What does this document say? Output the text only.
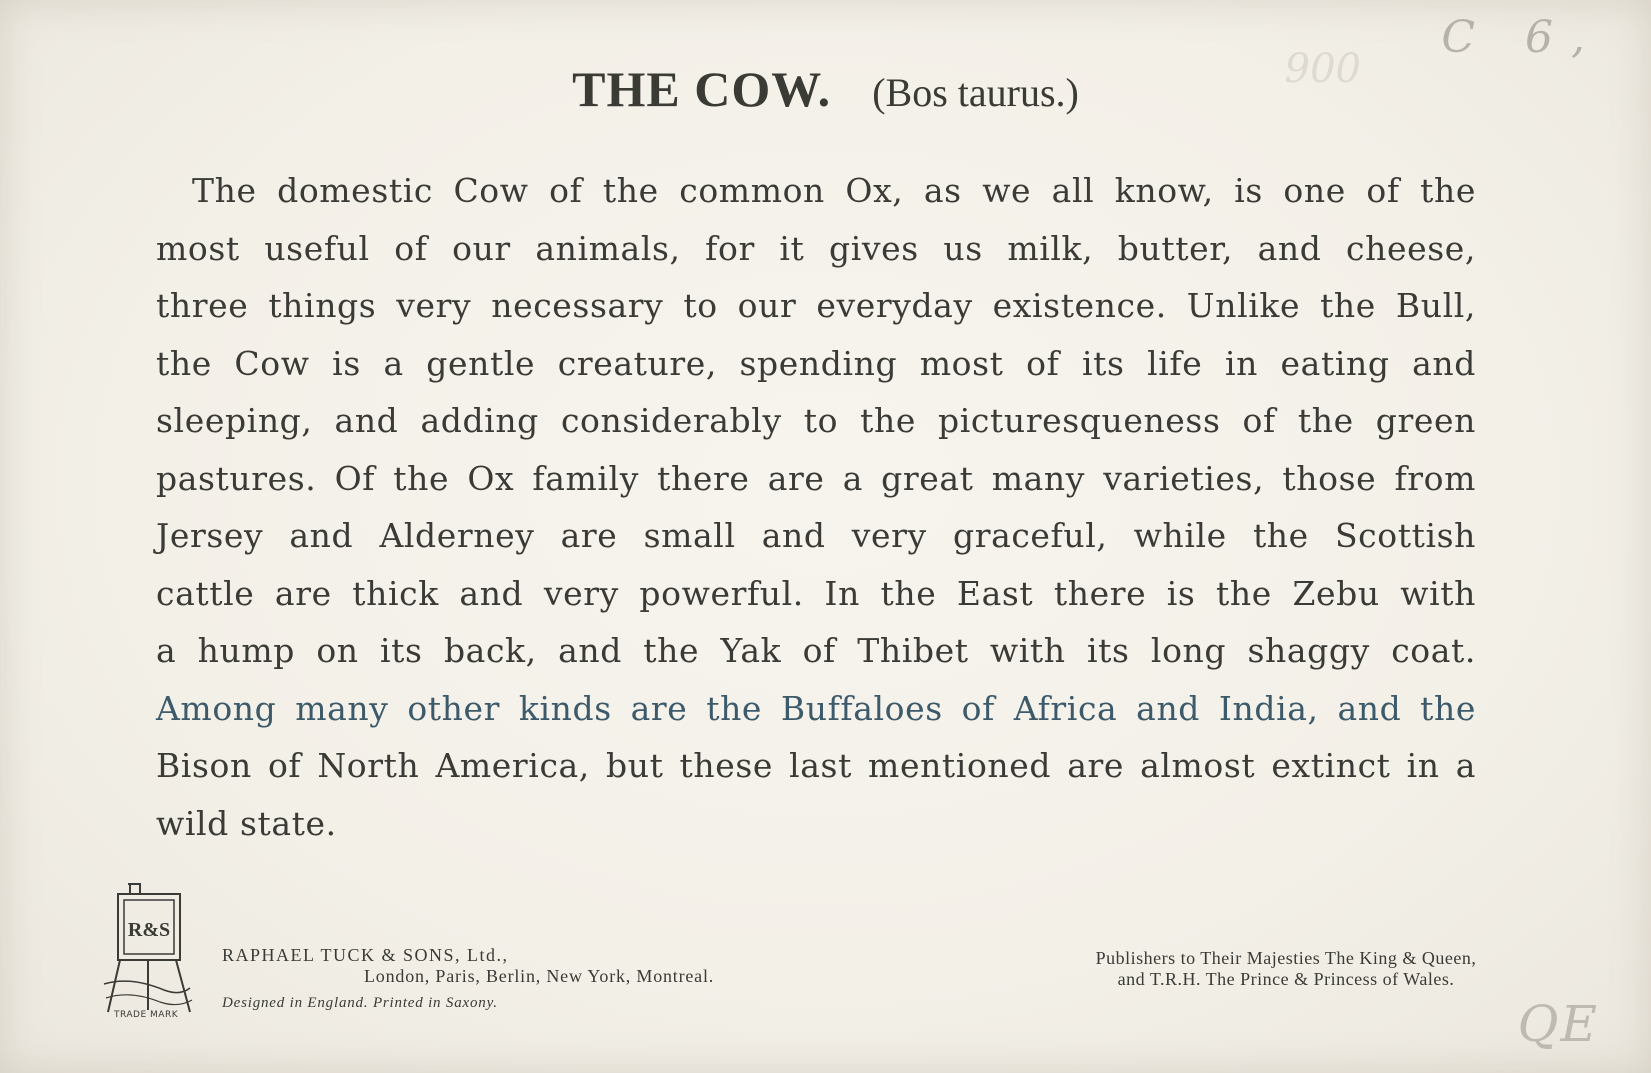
THE COW. (Bos taurus.)
The domestic Cow of the common Ox, as we all know, is one of the
most useful of our animals, for it gives us milk, butter, and cheese,
three things very necessary to our everyday existence. Unlike the Bull,
the Cow is a gentle creature, spending most of its life in eating and
sleeping, and adding considerably to the picturesqueness of the green
pastures. Of the Ox family there are a great many varieties, those from
Jersey and Alderney are small and very graceful, while the Scottish
cattle are thick and very powerful. In the East there is the Zebu with
a hump on its back, and the Yak of Thibet with its long shaggy coat.
Among many other kinds are the Buffaloes of Africa and India, and the
Bison of North America, but these last mentioned are almost extinct in a
wild state.
R&S
TRADE MARK
RAPHAEL TUCK & SONS, Ltd.,
London, Paris, Berlin, New York, Montreal.
Designed in England. Printed in Saxony.
Publishers to Their Majesties The King & Queen,
and T.R.H. The Prince & Princess of Wales.
C 6,
900
QE
